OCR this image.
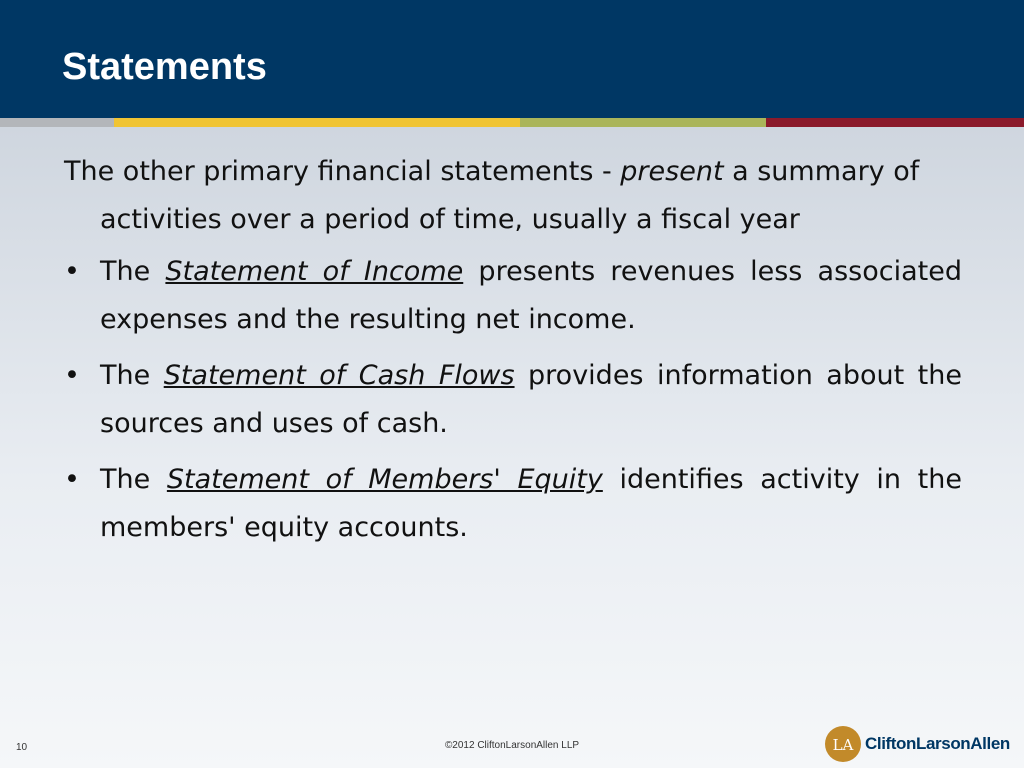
Statements

The other primary financial statements - present a summary of activities over a period of time, usually a fiscal year

• The Statement of Income presents revenues less associated expenses and the resulting net income.

• The Statement of Cash Flows provides information about the sources and uses of cash.

• The Statement of Members' Equity identifies activity in the members' equity accounts.

10	©2012 CliftonLarsonAllen LLP	LA CliftonLarsonAllen
